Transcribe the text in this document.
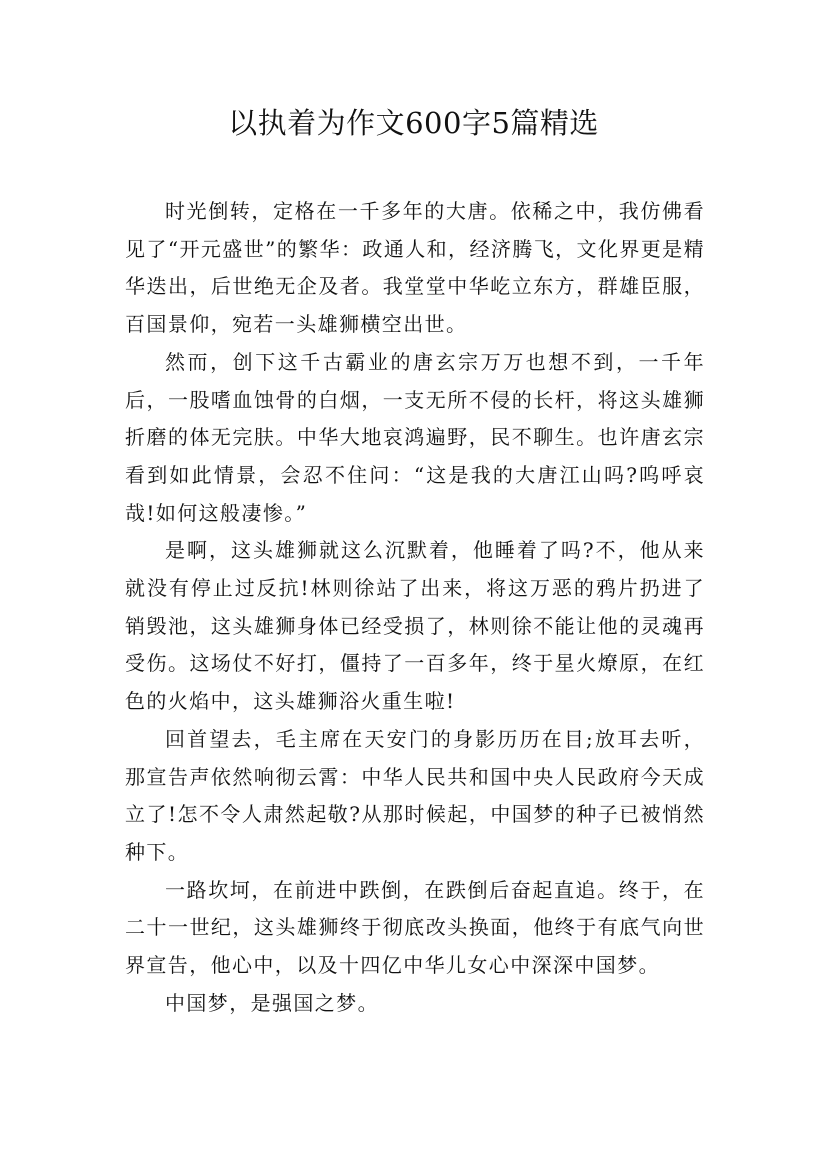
以执着为作文600字5篇精选

时光倒转，定格在一千多年的大唐。依稀之中，我仿佛看见了“开元盛世”的繁华：政通人和，经济腾飞，文化界更是精华迭出，后世绝无企及者。我堂堂中华屹立东方，群雄臣服，百国景仰，宛若一头雄狮横空出世。

然而，创下这千古霸业的唐玄宗万万也想不到，一千年后，一股嗜血蚀骨的白烟，一支无所不侵的长杆，将这头雄狮折磨的体无完肤。中华大地哀鸿遍野，民不聊生。也许唐玄宗看到如此情景，会忍不住问：“这是我的大唐江山吗?呜呼哀哉!如何这般凄惨。”

是啊，这头雄狮就这么沉默着，他睡着了吗?不，他从来就没有停止过反抗!林则徐站了出来，将这万恶的鸦片扔进了销毁池，这头雄狮身体已经受损了，林则徐不能让他的灵魂再受伤。这场仗不好打，僵持了一百多年，终于星火燎原，在红色的火焰中，这头雄狮浴火重生啦!

回首望去，毛主席在天安门的身影历历在目;放耳去听，那宣告声依然响彻云霄：中华人民共和国中央人民政府今天成立了!怎不令人肃然起敬?从那时候起，中国梦的种子已被悄然种下。

一路坎坷，在前进中跌倒，在跌倒后奋起直追。终于，在二十一世纪，这头雄狮终于彻底改头换面，他终于有底气向世界宣告，他心中，以及十四亿中华儿女心中深深中国梦。

中国梦，是强国之梦。
